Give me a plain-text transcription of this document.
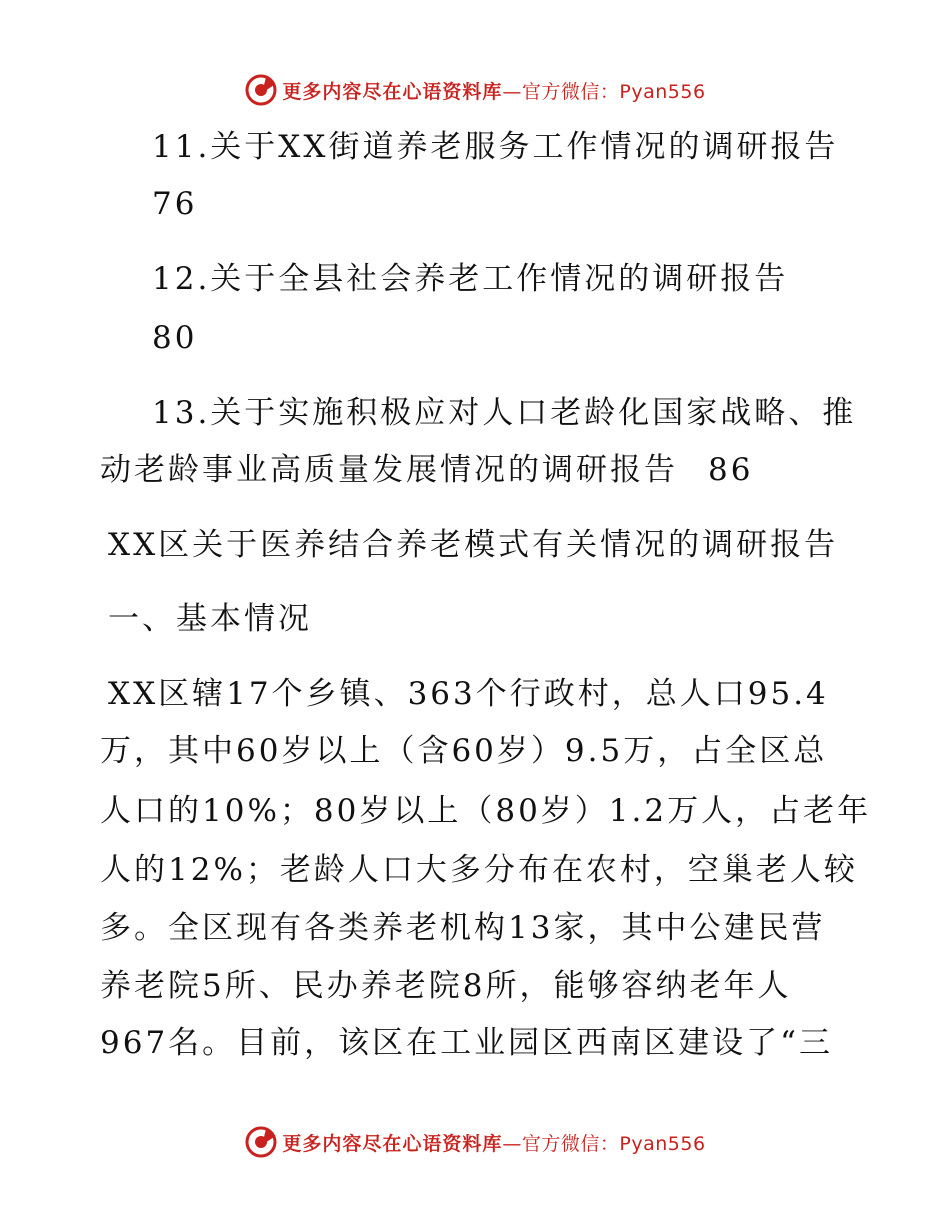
更多内容尽在心语资料库 —官方微信：Pyan556
11.关于XX街道养老服务工作情况的调研报告
76
12.关于全县社会养老工作情况的调研报告
80
13.关于实施积极应对人口老龄化国家战略、推
动老龄事业高质量发展情况的调研报告 86
XX区关于医养结合养老模式有关情况的调研报告
一、基本情况
XX区辖17个乡镇、363个行政村，总人口95.4
万，其中60岁以上（含60岁）9.5万，占全区总
人口的10%；80岁以上（80岁）1.2万人，占老年
人的12%；老龄人口大多分布在农村，空巢老人较
多。全区现有各类养老机构13家，其中公建民营
养老院5所、民办养老院8所，能够容纳老年人
967名。目前，该区在工业园区西南区建设了“三
更多内容尽在心语资料库 —官方微信：Pyan556
